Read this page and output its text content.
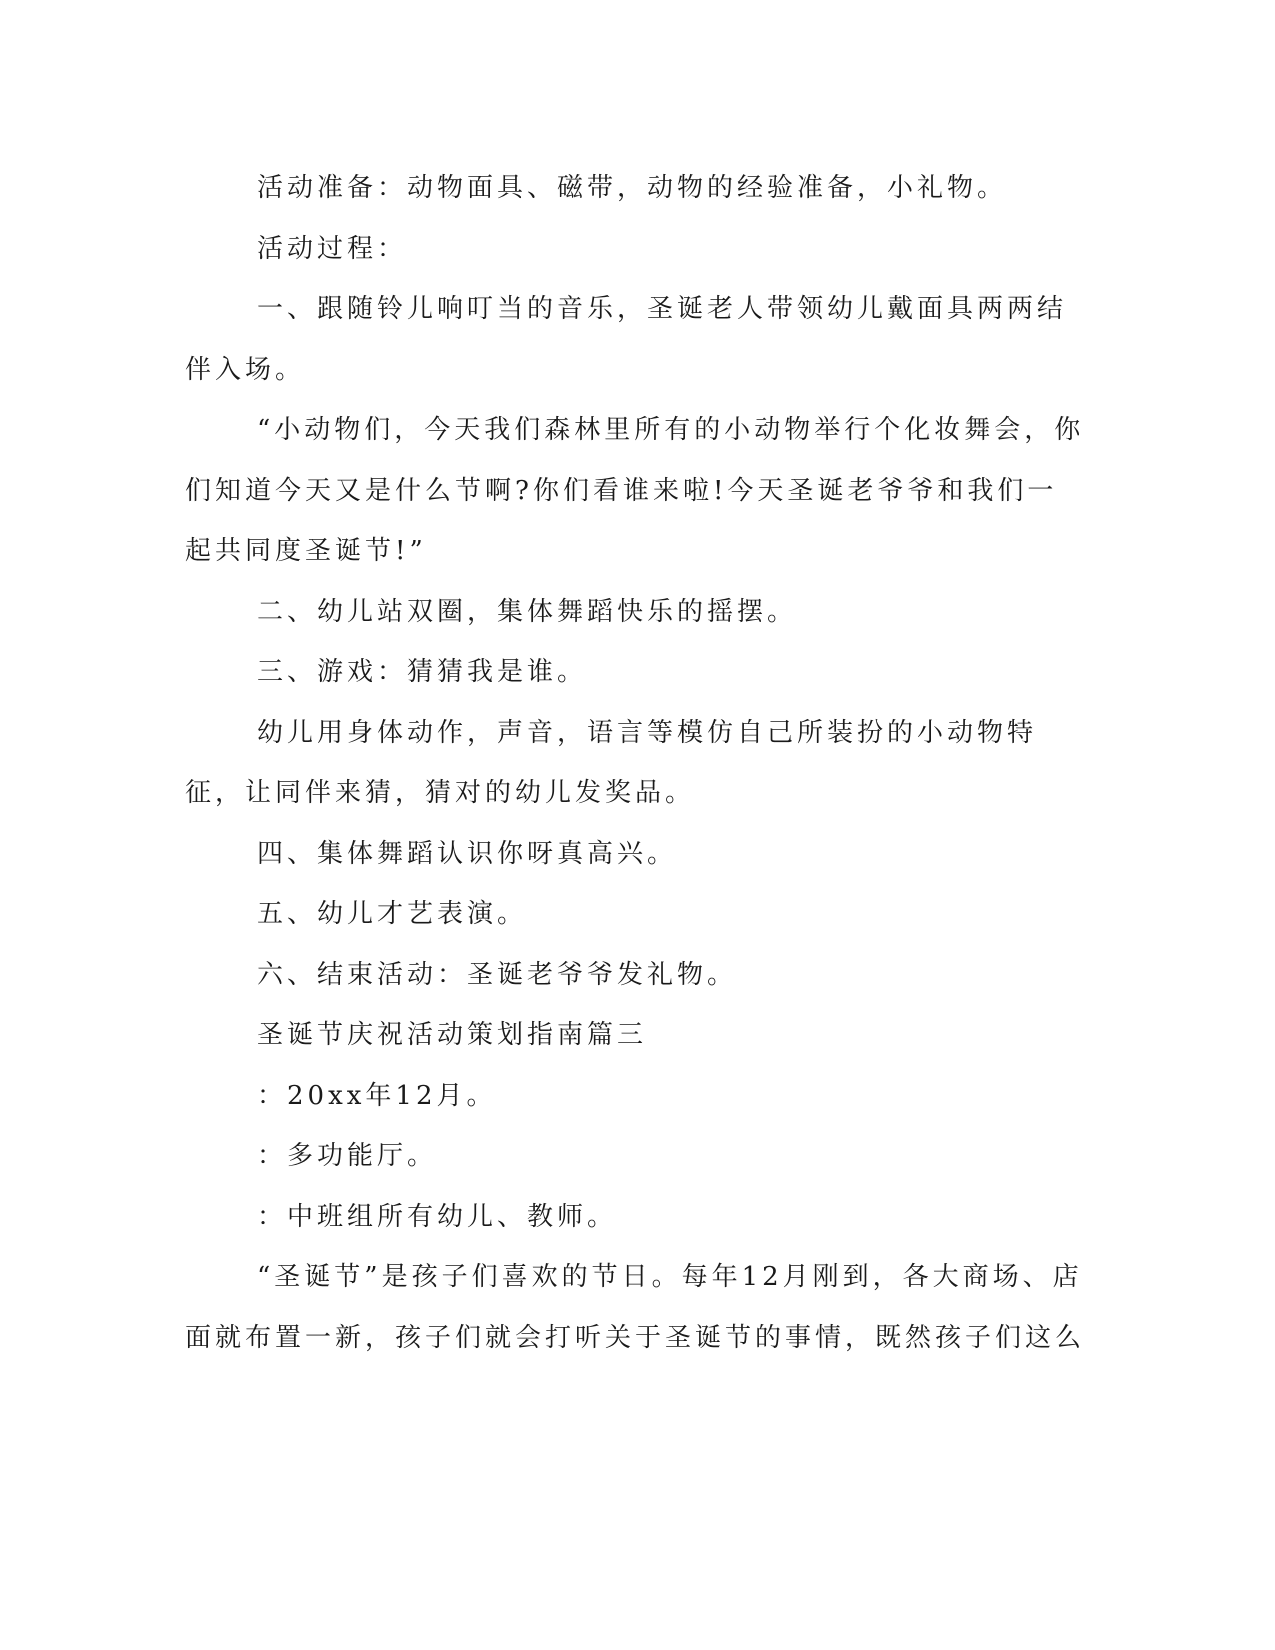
活动准备：动物面具、磁带，动物的经验准备，小礼物。

活动过程：

一、跟随铃儿响叮当的音乐，圣诞老人带领幼儿戴面具两两结伴入场。

“小动物们，今天我们森林里所有的小动物举行个化妆舞会，你们知道今天又是什么节啊?你们看谁来啦!今天圣诞老爷爷和我们一起共同度圣诞节!”

二、幼儿站双圈，集体舞蹈快乐的摇摆。

三、游戏：猜猜我是谁。

幼儿用身体动作，声音，语言等模仿自己所装扮的小动物特征，让同伴来猜，猜对的幼儿发奖品。

四、集体舞蹈认识你呀真高兴。

五、幼儿才艺表演。

六、结束活动：圣诞老爷爷发礼物。

圣诞节庆祝活动策划指南篇三

：20xx年12月。

：多功能厅。

：中班组所有幼儿、教师。

“圣诞节”是孩子们喜欢的节日。每年12月刚到，各大商场、店面就布置一新，孩子们就会打听关于圣诞节的事情，既然孩子们这么
